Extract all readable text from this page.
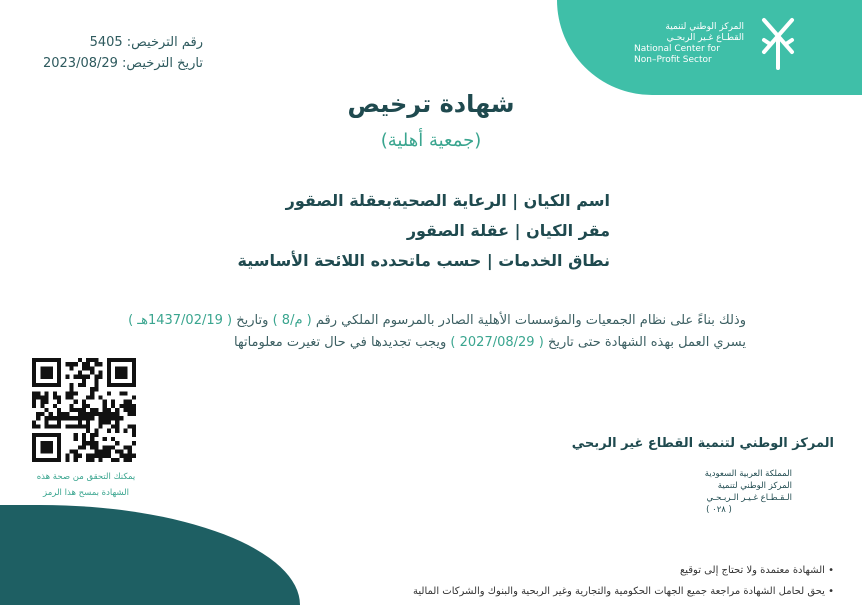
المركز الوطني لتنمية
القطـاع غـير الربحـي
National Center for
Non–Profit Sector
رقم الترخيص: 5405
تاريخ الترخيص: 2023/08/29
شهادة ترخيص
(جمعية أهلية)
اسم الكيان | الرعاية الصحيةبعقلة الصقور
مقر الكيان | عقلة الصقور
نطاق الخدمات | حسب ماتحدده اللائحة الأساسية
وذلك بناءً على نظام الجمعيات والمؤسسات الأهلية الصادر بالمرسوم الملكي رقم ( م/8 ) وتاريخ ( 1437/02/19هـ )
يسري العمل بهذه الشهادة حتى تاريخ ( 2027/08/29 ) ويجب تجديدها في حال تغيرت معلوماتها
يمكنك التحقق من صحة هذه
الشهادة بمسح هذا الرمز
المركز الوطني لتنمية القطاع غير الربحي
المملكة العربية السعودية
المركز الوطني لتنمية
الـقـطـاع غـيـر الـربـحـي
( ٠٢٨ )
• الشهادة معتمدة ولا تحتاج إلى توقيع
• يحق لحامل الشهادة مراجعة جميع الجهات الحكومية والتجارية وغير الربحية والبنوك والشركات المالية
